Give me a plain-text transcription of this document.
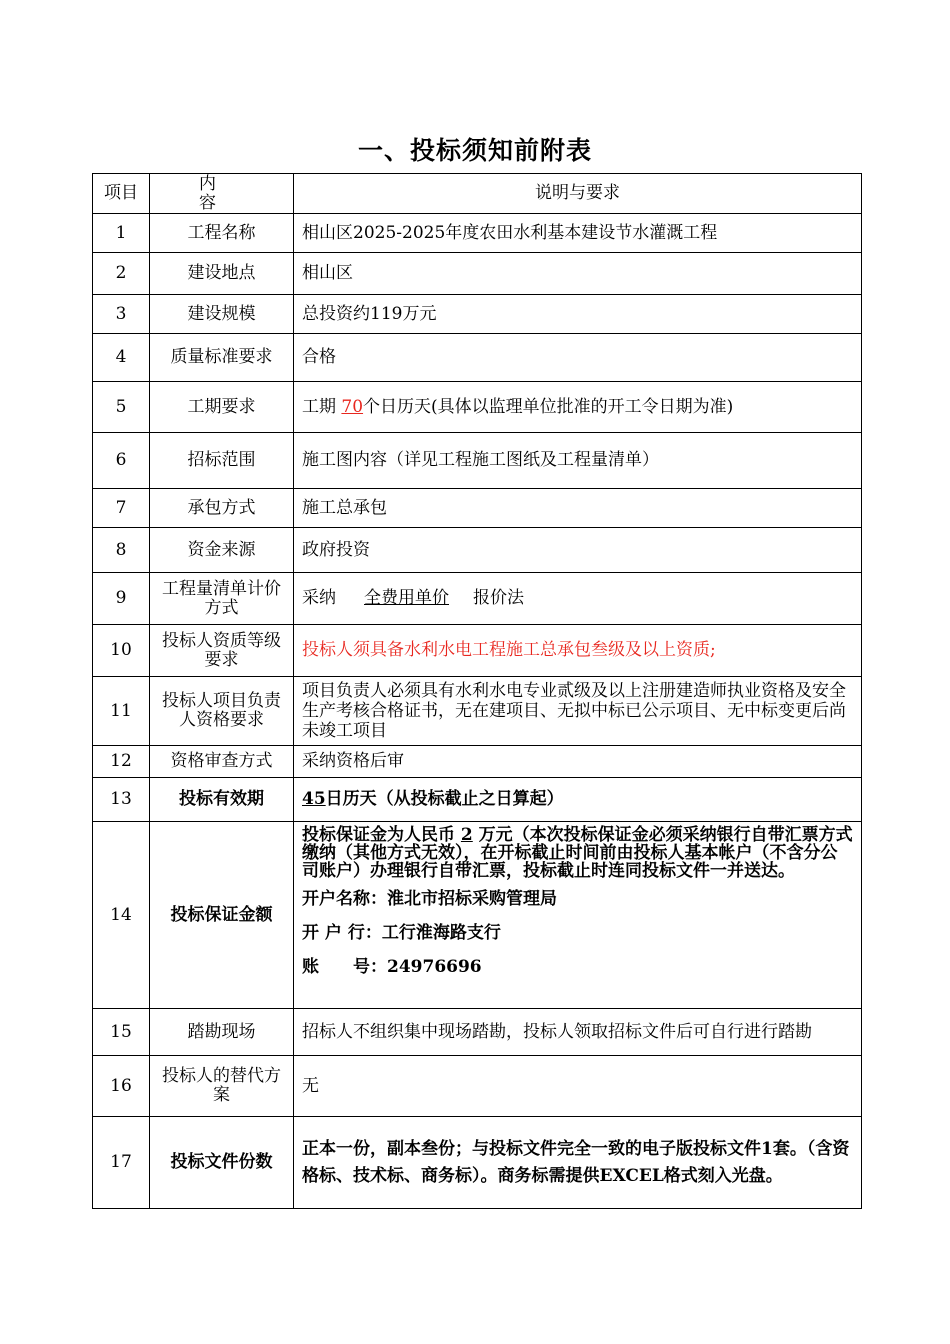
一、投标须知前附表
项目	内　容	说明与要求
1	工程名称	相山区2025-2025年度农田水利基本建设节水灌溉工程
2	建设地点	相山区
3	建设规模	总投资约119万元
4	质量标准要求	合格
5	工期要求	工期 70个日历天(具体以监理单位批准的开工令日期为准)
6	招标范围	施工图内容（详见工程施工图纸及工程量清单）
7	承包方式	施工总承包
8	资金来源	政府投资
9	工程量清单计价方式	采纳 全费用单价 报价法
10	投标人资质等级要求	投标人须具备水利水电工程施工总承包叁级及以上资质;
11	投标人项目负责人资格要求	项目负责人必须具有水利水电专业贰级及以上注册建造师执业资格及安全生产考核合格证书，无在建项目、无拟中标已公示项目、无中标变更后尚未竣工项目
12	资格审查方式	采纳资格后审
13	投标有效期	45日历天（从投标截止之日算起）
14	投标保证金额	投标保证金为人民币 2 万元（本次投标保证金必须采纳银行自带汇票方式缴纳（其他方式无效），在开标截止时间前由投标人基本帐户（不含分公司账户）办理银行自带汇票，投标截止时连同投标文件一并送达。
开户名称：淮北市招标采购管理局
开 户 行：工行淮海路支行
账　　号：24976696

15	踏勘现场	招标人不组织集中现场踏勘，投标人领取招标文件后可自行进行踏勘
16	投标人的替代方案	无
17	投标文件份数	正本一份，副本叁份；与投标文件完全一致的电子版投标文件1套。（含资格标、技术标、商务标）。商务标需提供EXCEL格式刻入光盘。
